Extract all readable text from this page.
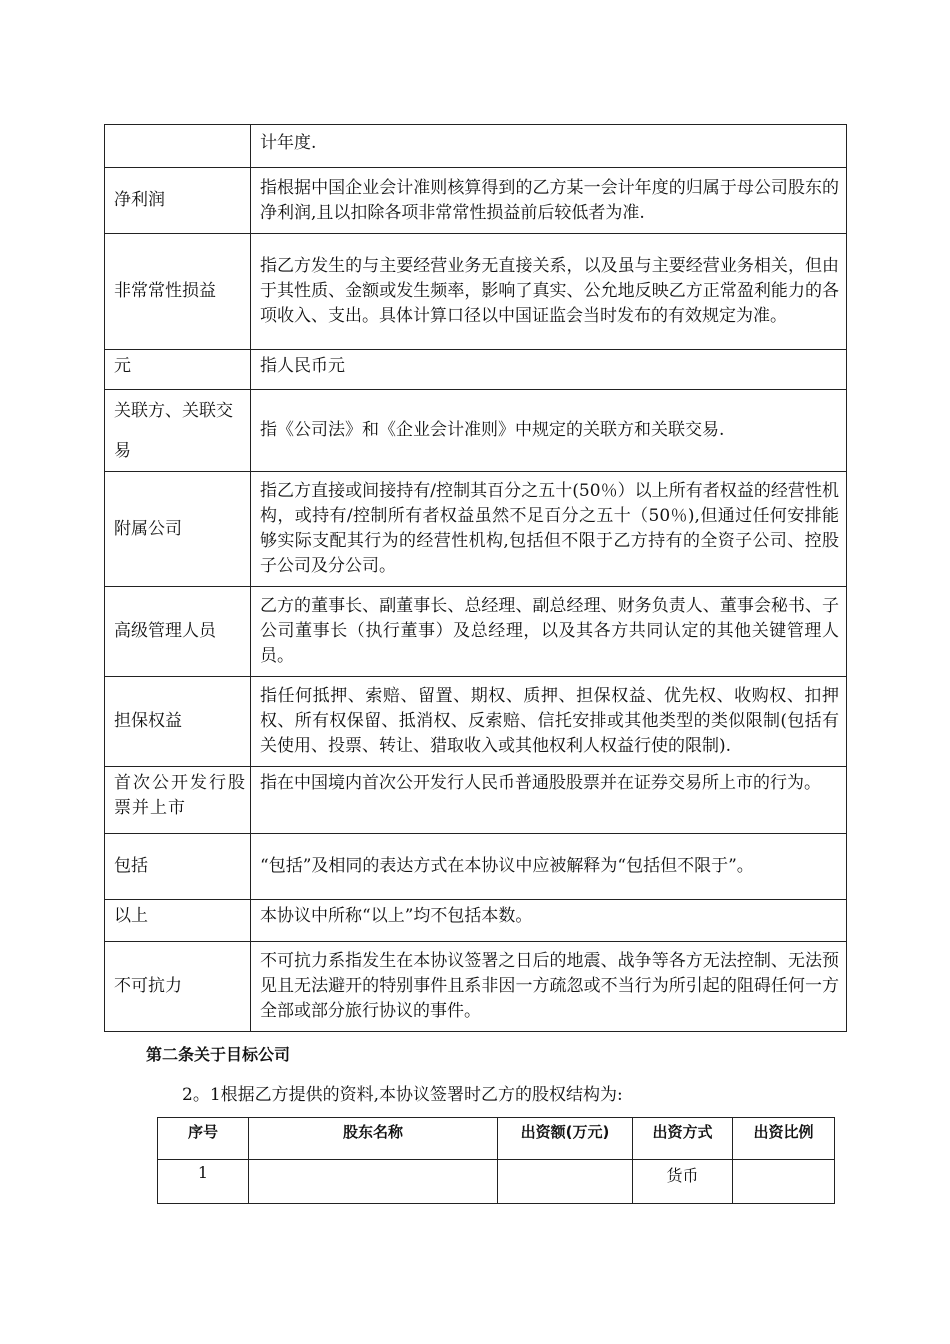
	计年度.
净利润	指根据中国企业会计准则核算得到的乙方某一会计年度的归属于母公司股东的净利润,且以扣除各项非常常性损益前后较低者为准.
非常常性损益	指乙方发生的与主要经营业务无直接关系，以及虽与主要经营业务相关，但由于其性质、金额或发生频率，影响了真实、公允地反映乙方正常盈利能力的各项收入、支出。具体计算口径以中国证监会当时发布的有效规定为准。
元	指人民币元
关联方、关联交易	指《公司法》和《企业会计准则》中规定的关联方和关联交易.
附属公司	指乙方直接或间接持有/控制其百分之五十(50％）以上所有者权益的经营性机构，或持有/控制所有者权益虽然不足百分之五十（50％),但通过任何安排能够实际支配其行为的经营性机构,包括但不限于乙方持有的全资子公司、控股子公司及分公司。
高级管理人员	乙方的董事长、副董事长、总经理、副总经理、财务负责人、董事会秘书、子公司董事长（执行董事）及总经理，以及其各方共同认定的其他关键管理人员。
担保权益	指任何抵押、索赔、留置、期权、质押、担保权益、优先权、收购权、扣押权、所有权保留、抵消权、反索赔、信托安排或其他类型的类似限制(包括有关使用、投票、转让、猎取收入或其他权利人权益行使的限制).
首次公开发行股票并上市	指在中国境内首次公开发行人民币普通股股票并在证券交易所上市的行为。
包括	“包括”及相同的表达方式在本协议中应被解释为“包括但不限于”。
以上	本协议中所称“以上”均不包括本数。
不可抗力	不可抗力系指发生在本协议签署之日后的地震、战争等各方无法控制、无法预见且无法避开的特别事件且系非因一方疏忽或不当行为所引起的阻碍任何一方全部或部分旅行协议的事件。
第二条关于目标公司
2。1根据乙方提供的资料,本协议签署时乙方的股权结构为:
序号	股东名称	出资额(万元)	出资方式	出资比例
1			货币	
